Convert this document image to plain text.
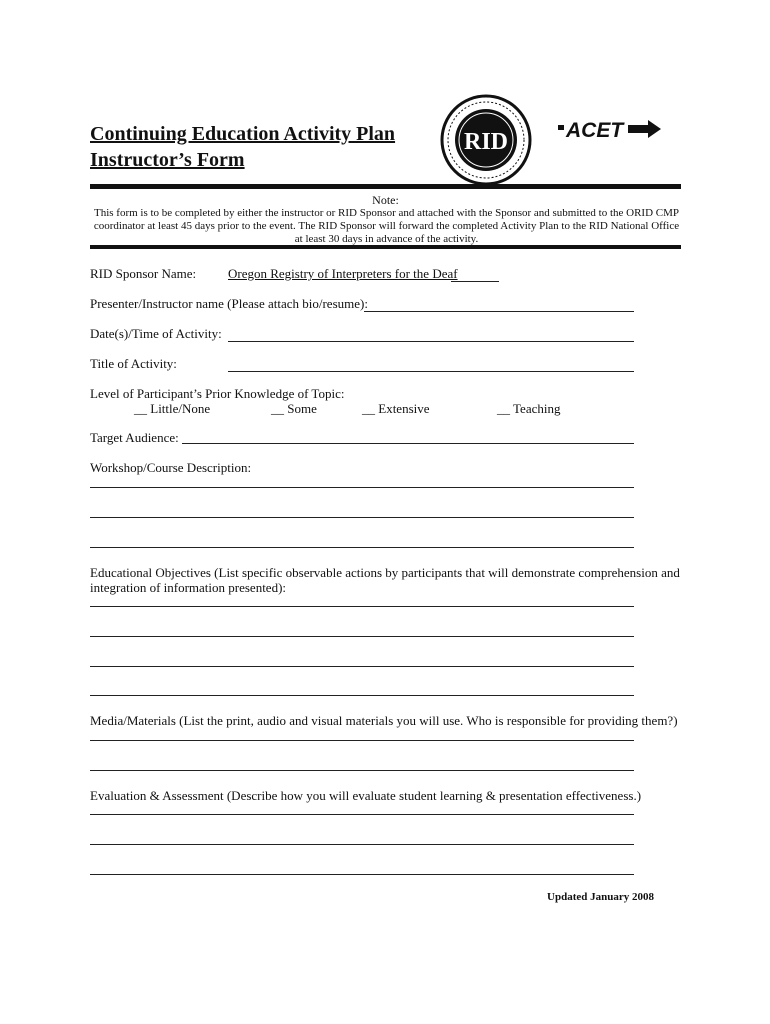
Continuing Education Activity Plan
Instructor’s Form
RID	ACET
Note:
This form is to be completed by either the instructor or RID Sponsor and attached with the Sponsor and submitted to the ORID CMP coordinator at least 45 days prior to the event. The RID Sponsor will forward the completed Activity Plan to the RID National Office at least 30 days in advance of the activity.
RID Sponsor Name: Oregon Registry of Interpreters for the Deaf
Presenter/Instructor name (Please attach bio/resume):
Date(s)/Time of Activity:
Title of Activity:
Level of Participant’s Prior Knowledge of Topic:
__ Little/None	__ Some	__ Extensive	__ Teaching
Target Audience:
Workshop/Course Description:
Educational Objectives (List specific observable actions by participants that will demonstrate comprehension and
integration of information presented):
Media/Materials (List the print, audio and visual materials you will use. Who is responsible for providing them?)
Evaluation & Assessment (Describe how you will evaluate student learning & presentation effectiveness.)
Updated January 2008
